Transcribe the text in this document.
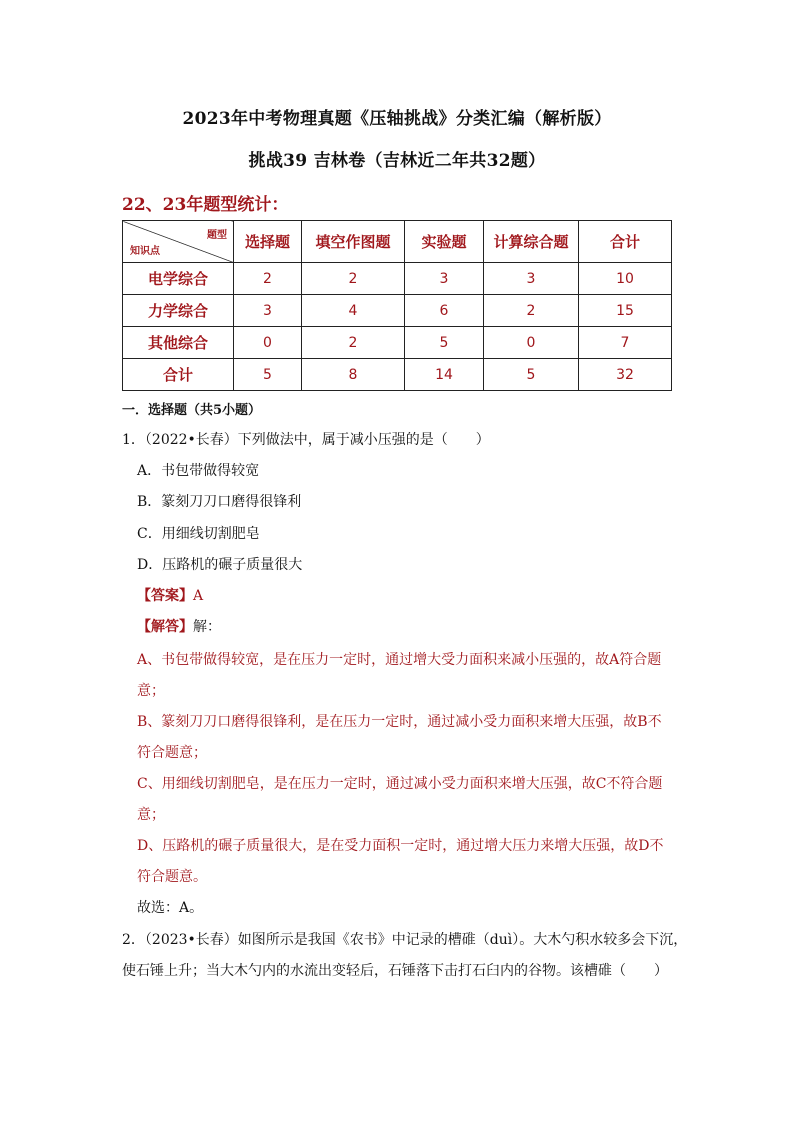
2023年中考物理真题《压轴挑战》分类汇编（解析版）
挑战39 吉林卷（吉林近二年共32题）
22、23年题型统计：
题型
知识点	选择题	填空作图题	实验题	计算综合题	合计
电学综合	2	2	3	3	10
力学综合	3	4	6	2	15
其他综合	0	2	5	0	7
合计	5	8	14	5	32
一．选择题（共5小题）
1．（2022•长春）下列做法中，属于减小压强的是（　　）
A．书包带做得较宽
B．篆刻刀刀口磨得很锋利
C．用细线切割肥皂
D．压路机的碾子质量很大
【答案】A
【解答】解：
A、书包带做得较宽，是在压力一定时，通过增大受力面积来减小压强的，故A符合题
意；
B、篆刻刀刀口磨得很锋利，是在压力一定时，通过减小受力面积来增大压强，故B不
符合题意；
C、用细线切割肥皂，是在压力一定时，通过减小受力面积来增大压强，故C不符合题
意；
D、压路机的碾子质量很大，是在受力面积一定时，通过增大压力来增大压强，故D不
符合题意。
故选：A。
2．（2023•长春）如图所示是我国《农书》中记录的槽碓（duì）。大木勺积水较多会下沉，
使石锤上升；当大木勺内的水流出变轻后，石锤落下击打石臼内的谷物。该槽碓（　　）
